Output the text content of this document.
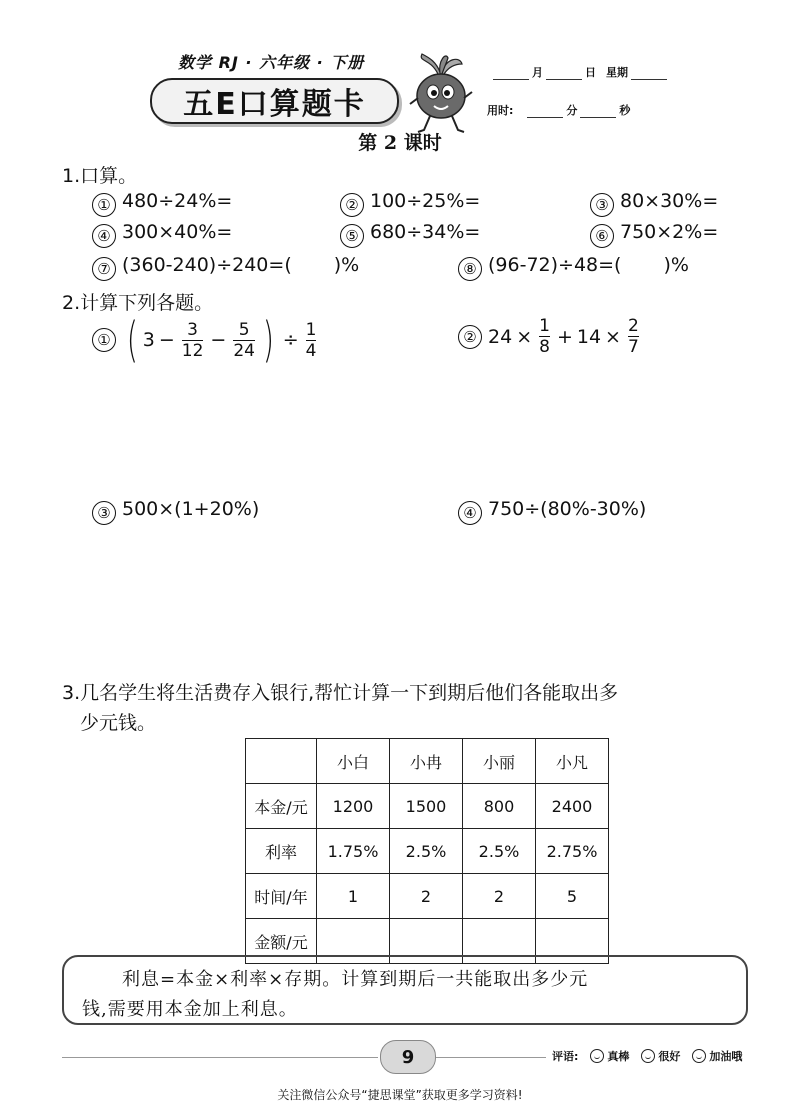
数学 RJ · 六年级 · 下册
五E口算题卡
月	日 星期
用时:	分	秒
第 2 课时
1.口算。
① 480÷24%=	② 100÷25%=	③ 80×30%=
④ 300×40%=	⑤ 680÷34%=	⑥ 750×2%=
⑦ (360-240)÷240=( )%	⑧ (96-72)÷48=( )%
2.计算下列各题。
① ( $3 - \frac{3}{12} - \frac{5}{24}$ ) ÷ $\frac{1}{4}$	② $24 \times \frac{1}{8} + 14 \times \frac{2}{7}$
③ 500×(1+20%)	④ 750÷(80%-30%)
3.几名学生将生活费存入银行,帮忙计算一下到期后他们各能取出多
少元钱。
	小白	小冉	小丽	小凡
本金/元	1200	1500	800	2400
利率	1.75%	2.5%	2.5%	2.75%
时间/年	1	2	2	5
金额/元				
利息=本金×利率×存期。计算到期后一共能取出多少元
钱,需要用本金加上利息。
9	评语:	真棒	很好	加油哦
关注微信公众号“捷思课堂”获取更多学习资料!
